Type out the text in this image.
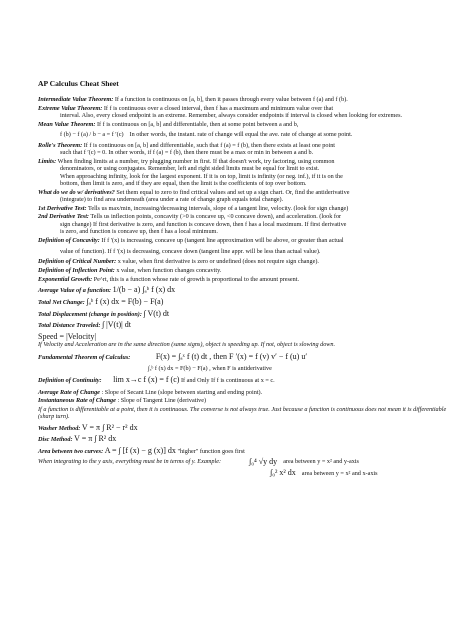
AP Calculus Cheat Sheet
Intermediate Value Theorem: If a function is continuous on [a, b], then it passes through every value between f (a) and f (b).
Extreme Value Theorem: If f is continuous over a closed interval, then f has a maximum and minimum value over that
interval. Also, every closed endpoint is an extreme. Remember, always consider endpoints if interval is closed when looking for extremes.
Mean Value Theorem: If f is continuous on [a, b] and differentiable, then at some point between a and b,
f (b) − f (a) / b − a = f ′(c) In other words, the instant. rate of change will equal the ave. rate of change at some point.
Rolle's Theorem: If f is continuous on [a, b] and differentiable, such that f (a) = f (b), then there exists at least one point
such that f ′(c) = 0. In other words, if f (a) = f (b), then there must be a max or min in between a and b.
Limits: When finding limits at a number, try plugging number in first. If that doesn't work, try factoring, using common
denominators, or using conjugates. Remember, left and right sided limits must be equal for limit to exist.
When approaching infinity, look for the largest exponent. If it is on top, limit is infinity (or neg. inf.), if it is on the
bottom, then limit is zero, and if they are equal, then the limit is the coefficients of top over bottom.
What do we do w/ derivatives? Set them equal to zero to find critical values and set up a sign chart. Or, find the antiderivative
(integrate) to find area underneath (area under a rate of change graph equals total change).
1st Derivative Test: Tells us max/min, increasing/decreasing intervals, slope of a tangent line, velocity. (look for sign change)
2nd Derivative Test: Tells us inflection points, concavity (>0 is concave up, <0 concave down), and acceleration. (look for
sign change) If first derivative is zero, and function is concave down, then f has a local maximum. If first derivative
is zero, and function is concave up, then f has a local minimum.
Definition of Concavity: If f ′(x) is increasing, concave up (tangent line approximation will be above, or greater than actual
value of function). If f ′(x) is decreasing, concave down (tangent line appr. will be less than actual value).
Definition of Critical Number: x value, when first derivative is zero or undefined (does not require sign change).
Definition of Inflection Point: x value, when function changes concavity.
Exponential Growth: Pe^rt, this is a function whose rate of growth is proportional to the amount present.
Average Value of a function: 1/(b − a) ∫ₐᵇ f (x) dx
Total Net Change: ∫ₐᵇ f (x) dx = F(b) − F(a)
Total Displacement (change in position): ∫ V(t) dt
Total Distance Traveled: ∫ |V(t)| dt
Speed = |Velocity|
If Velocity and Acceleration are in the same direction (same signs), object is speeding up. If not, object is slowing down.
Fundamental Theorem of Calculus:	F(x) = ∫ₐˣ f (t) dt , then F ′(x) = f (v) v′ − f (u) u′
∫ₐᵇ f (x) dx = F(b) − F(a) , when F is antiderivative
Definition of Continuity: lim x→c f (x) = f (c) If and Only If f is continuous at x = c.
Average Rate of Change : Slope of Secant Line (slope between starting and ending point).
Instantaneous Rate of Change : Slope of Tangent Line (derivative)
If a function is differentiable at a point, then it is continuous. The converse is not always true. Just because a function is continuous does not mean it is differentiable (sharp turn).
Washer Method: V = π ∫ R² − r² dx
Disc Method: V = π ∫ R² dx
Area between two curves: A = ∫ [f (x) − g (x)] dx "higher" function goes first
When integrating to the y axis, everything must be in terms of y. Example:	∫₀⁴ √y dy area between y = x² and y-axis
∫₀² x² dx area between y = x² and x-axis
